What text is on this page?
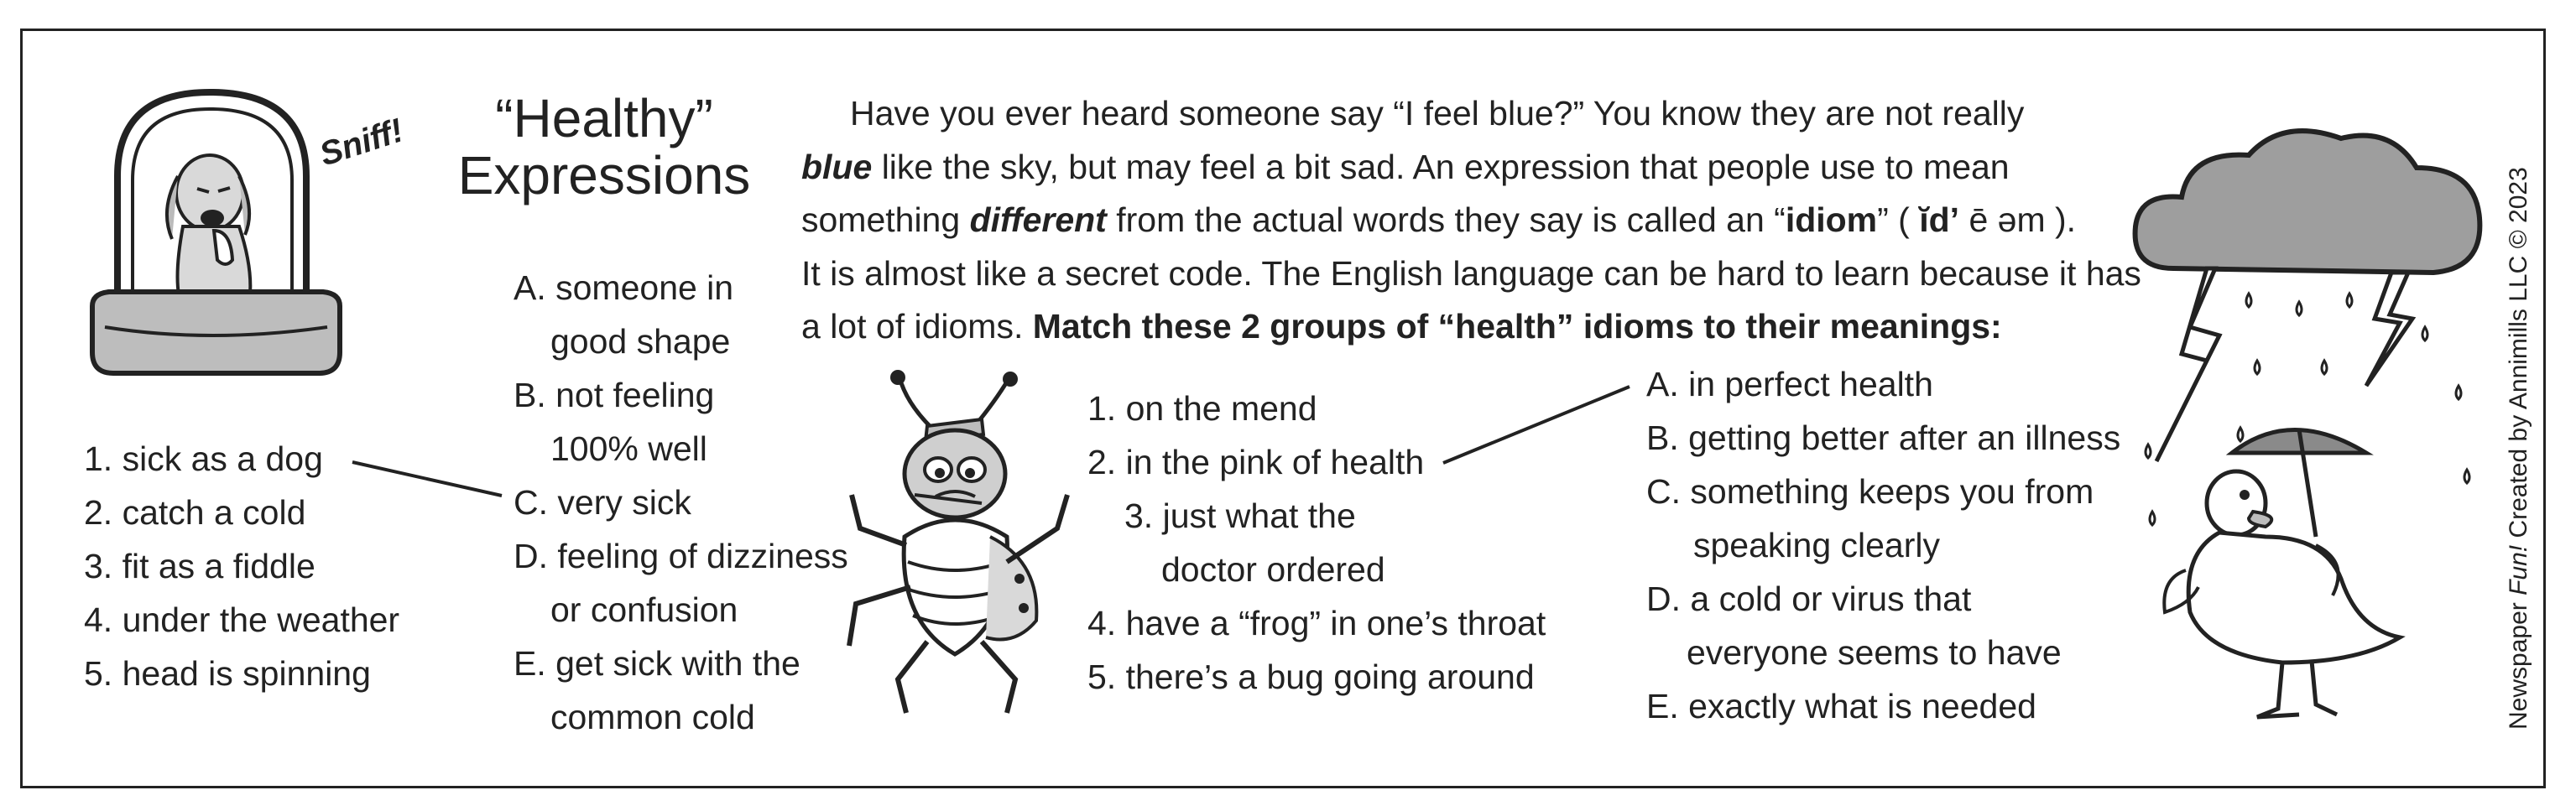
Sniff!	“Healthy”
Expressions
Have you ever heard someone say “I feel blue?” You know they are not really
blue like the sky, but may feel a bit sad. An expression that people use to mean
something different from the actual words they say is called an “idiom” ( ĭd’ ē əm ).
It is almost like a secret code. The English language can be hard to learn because it has
a lot of idioms. Match these 2 groups of “health” idioms to their meanings:
1. sick as a dog
2. catch a cold
3. fit as a fiddle
4. under the weather
5. head is spinning
A. someone in
good shape
B. not feeling
100% well
C. very sick
D. feeling of dizziness
or confusion
E. get sick with the
common cold
1. on the mend
2. in the pink of health
3. just what the
doctor ordered
4. have a “frog” in one’s throat
5. there’s a bug going around
A. in perfect health
B. getting better after an illness
C. something keeps you from
speaking clearly
D. a cold or virus that
everyone seems to have
E. exactly what is needed	Newspaper Fun! Created by Annimills LLC © 2023
